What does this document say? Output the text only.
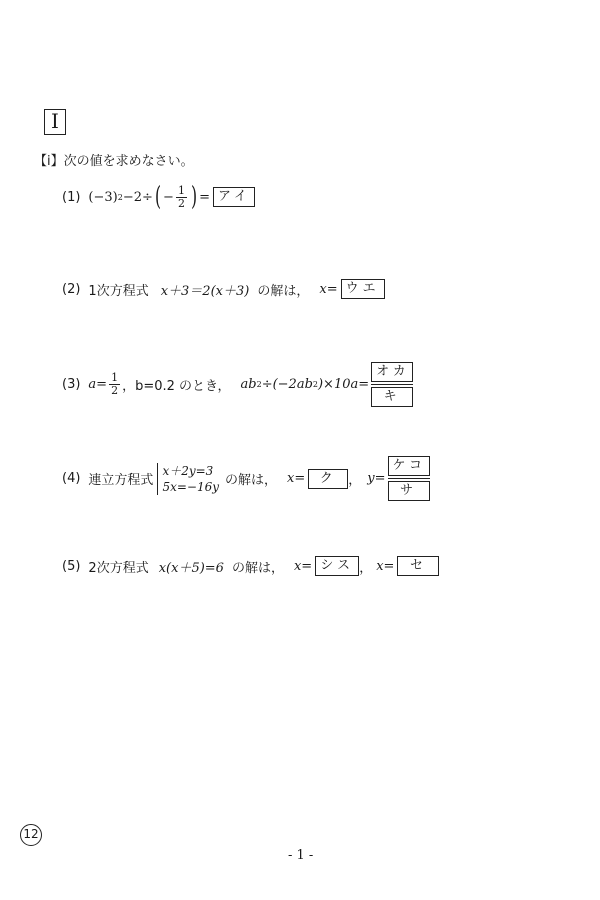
I
【ⅰ】次の値を求めなさい。
(1) (−3) 2 −2÷ ( − $\frac{1}{2}$ ) = アイ
(2) 1次方程式 x＋3＝2(x＋3) の解は， x = ウエ
(3) $a= \frac{1}{2}$ ，b=0.2 のとき， ab 2 ÷(−2ab 2 )×10a=
オカ
キ
(4) 連立方程式
x＋2y=3
5x=−16y の解は， x=	ク ， y=
ケコ
サ
(5) 2次方程式 x(x＋5)=6 の解は， x= シス ， x=	セ
12
- 1 -
